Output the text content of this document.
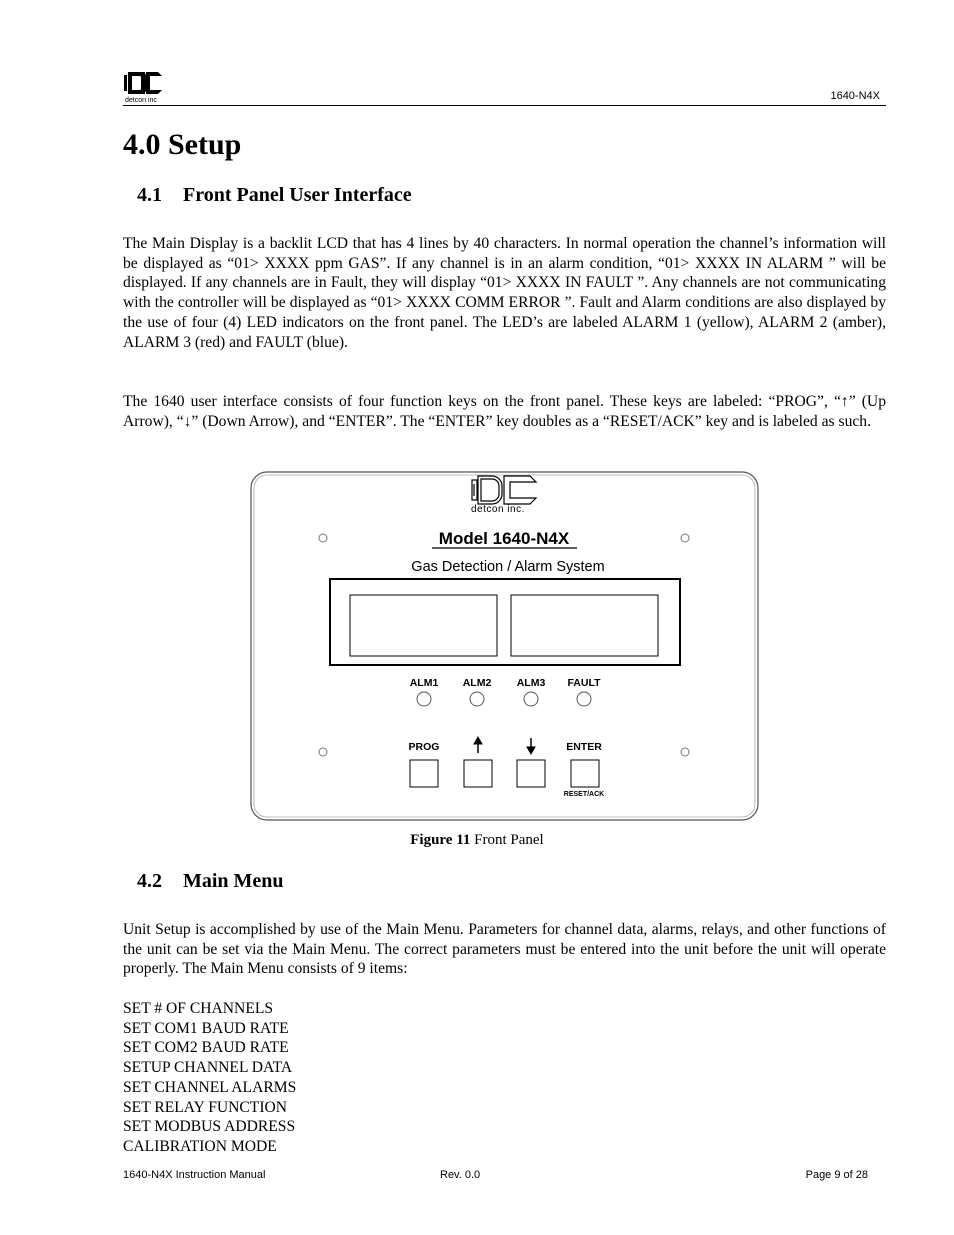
detcon inc	1640-N4X
4.0 Setup
4.1 Front Panel User Interface

The Main Display is a backlit LCD that has 4 lines by 40 characters. In normal operation the channel’s information will be displayed as “01> XXXX ppm GAS”. If any channel is in an alarm condition, “01> XXXX IN ALARM ” will be displayed. If any channels are in Fault, they will display “01> XXXX IN FAULT ”. Any channels are not communicating with the controller will be displayed as “01> XXXX COMM ERROR ”. Fault and Alarm conditions are also displayed by the use of four (4) LED indicators on the front panel. The LED’s are labeled ALARM 1 (yellow), ALARM 2 (amber), ALARM 3 (red) and FAULT (blue).

The 1640 user interface consists of four function keys on the front panel. These keys are labeled: “PROG”, “↑” (Up Arrow), “↓” (Down Arrow), and “ENTER”. The “ENTER” key doubles as a “RESET/ACK” key and is labeled as such.

detcon inc.
Model 1640-N4X
Gas Detection / Alarm System
ALM1 ALM2 ALM3 FAULT
PROG	ENTER
RESET/ACK
Figure 11 Front Panel
4.2 Main Menu

Unit Setup is accomplished by use of the Main Menu. Parameters for channel data, alarms, relays, and other functions of the unit can be set via the Main Menu. The correct parameters must be entered into the unit before the unit will operate properly. The Main Menu consists of 9 items:

SET # OF CHANNELS
SET COM1 BAUD RATE
SET COM2 BAUD RATE
SETUP CHANNEL DATA
SET CHANNEL ALARMS
SET RELAY FUNCTION
SET MODBUS ADDRESS
CALIBRATION MODE
1640-N4X Instruction Manual	Rev. 0.0	Page 9 of 28
